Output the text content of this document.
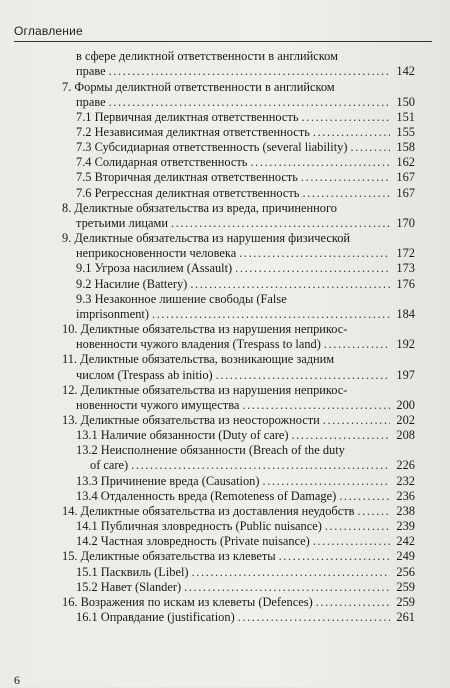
Оглавление
в сфере деликтной ответственности в английском
праве .....	142
7. Формы деликтной ответственности в английском
праве .....	150
7.1 Первичная деликтная ответственность .....	151
7.2 Независимая деликтная ответственность .....	155
7.3 Субсидиарная ответственность (several liability) .....	158
7.4 Солидарная ответственность .....	162
7.5 Вторичная деликтная ответственность .....	167
7.6 Регрессная деликтная ответственность .....	167
8. Деликтные обязательства из вреда, причиненного
третьими лицами .....	170
9. Деликтные обязательства из нарушения физической
неприкосновенности человека .....	172
9.1 Угроза насилием (Assault) .....	173
9.2 Насилие (Battery) .....	176
9.3 Незаконное лишение свободы (False
imprisonment) .....	184
10. Деликтные обязательства из нарушения неприкос-
новенности чужого владения (Trespass to land) .....	192
11. Деликтные обязательства, возникающие задним
числом (Trespass ab initio) .....	197
12. Деликтные обязательства из нарушения неприкос-
новенности чужого имущества .....	200
13. Деликтные обязательства из неосторожности .....	202
13.1 Наличие обязанности (Duty of care) .....	208
13.2 Неисполнение обязанности (Breach of the duty
of care) .....	226
13.3 Причинение вреда (Causation) .....	232
13.4 Отдаленность вреда (Remoteness of Damage) .....	236
14. Деликтные обязательства из доставления неудобств .....	238
14.1 Публичная зловредность (Public nuisance) .....	239
14.2 Частная зловредность (Private nuisance) .....	242
15. Деликтные обязательства из клеветы .....	249
15.1 Пасквиль (Libel) .....	256
15.2 Навет (Slander) .....	259
16. Возражения по искам из клеветы (Defences) .....	259
16.1 Оправдание (justification) .....	261
6
